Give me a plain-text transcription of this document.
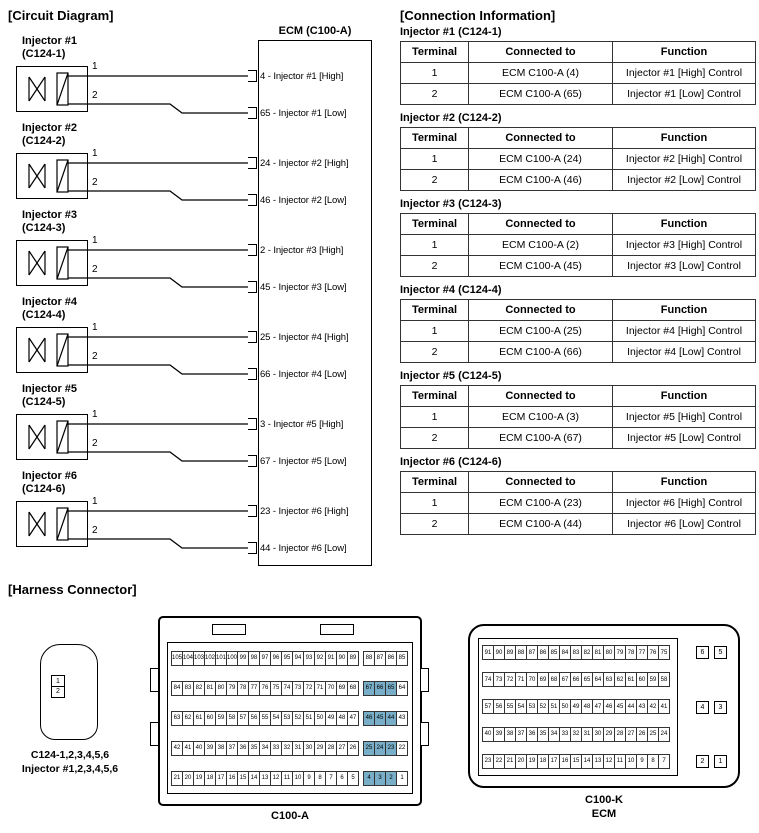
[Circuit Diagram]	[Connection Information]
[Harness Connector]
ECM (C100-A)
Injector #1
(C124-1)
1
2
Injector #2
(C124-2)
1
2
Injector #3
(C124-3)
1
2
Injector #4
(C124-4)
1
2
Injector #5
(C124-5)
1
2
Injector #6
(C124-6)
1
2
4 - Injector #1 [High]
65 - Injector #1 [Low]
24 - Injector #2 [High]
46 - Injector #2 [Low]
2 - Injector #3 [High]
45 - Injector #3 [Low]
25 - Injector #4 [High]
66 - Injector #4 [Low]
3 - Injector #5 [High]
67 - Injector #5 [Low]
23 - Injector #6 [High]
44 - Injector #6 [Low]
Injector #1 (C124-1)
Terminal	Connected to	Function
1	ECM C100-A (4)	Injector #1 [High] Control
2	ECM C100-A (65)	Injector #1 [Low] Control
Injector #2 (C124-2)
Terminal	Connected to	Function
1	ECM C100-A (24)	Injector #2 [High] Control
2	ECM C100-A (46)	Injector #2 [Low] Control
Injector #3 (C124-3)
Terminal	Connected to	Function
1	ECM C100-A (2)	Injector #3 [High] Control
2	ECM C100-A (45)	Injector #3 [Low] Control
Injector #4 (C124-4)
Terminal	Connected to	Function
1	ECM C100-A (25)	Injector #4 [High] Control
2	ECM C100-A (66)	Injector #4 [Low] Control
Injector #5 (C124-5)
Terminal	Connected to	Function
1	ECM C100-A (3)	Injector #5 [High] Control
2	ECM C100-A (67)	Injector #5 [Low] Control
Injector #6 (C124-6)
Terminal	Connected to	Function
1	ECM C100-A (23)	Injector #6 [High] Control
2	ECM C100-A (44)	Injector #6 [Low] Control
1
2
C124-1,2,3,4,5,6
Injector #1,2,3,4,5,6
105 104 103 102 101 100 99 98 97 96 95 94 93 92 91 90 89	88 87 86 85
84 83 82 81 80 79 78 77 76 75 74 73 72 71 70 69 68	67 66 65 64
63 62 61 60 59 58 57 56 55 54 53 52 51 50 49 48 47	46 45 44 43
42 41 40 39 38 37 36 35 34 33 32 31 30 29 28 27 26	25 24 23 22
21 20 19 18 17 16 15 14 13 12 11 10 9	8	7	6	5	4	3	2	1
C100-A
91 90 89 88 87 86 85 84 83 82 81 80 79 78 77 76 75
74 73 72 71 70 69 68 67 66 65 64 63 62 61 60 59 58
57 56 55 54 53 52 51 50 49 48 47 46 45 44 43 42 41
40 39 38 37 36 35 34 33 32 31 30 29 28 27 26 25 24
23 22 21 20 19 18 17 16 15 14 13 12 11 10 9	8	7
6	5
4	3
2	1
C100-K
ECM
